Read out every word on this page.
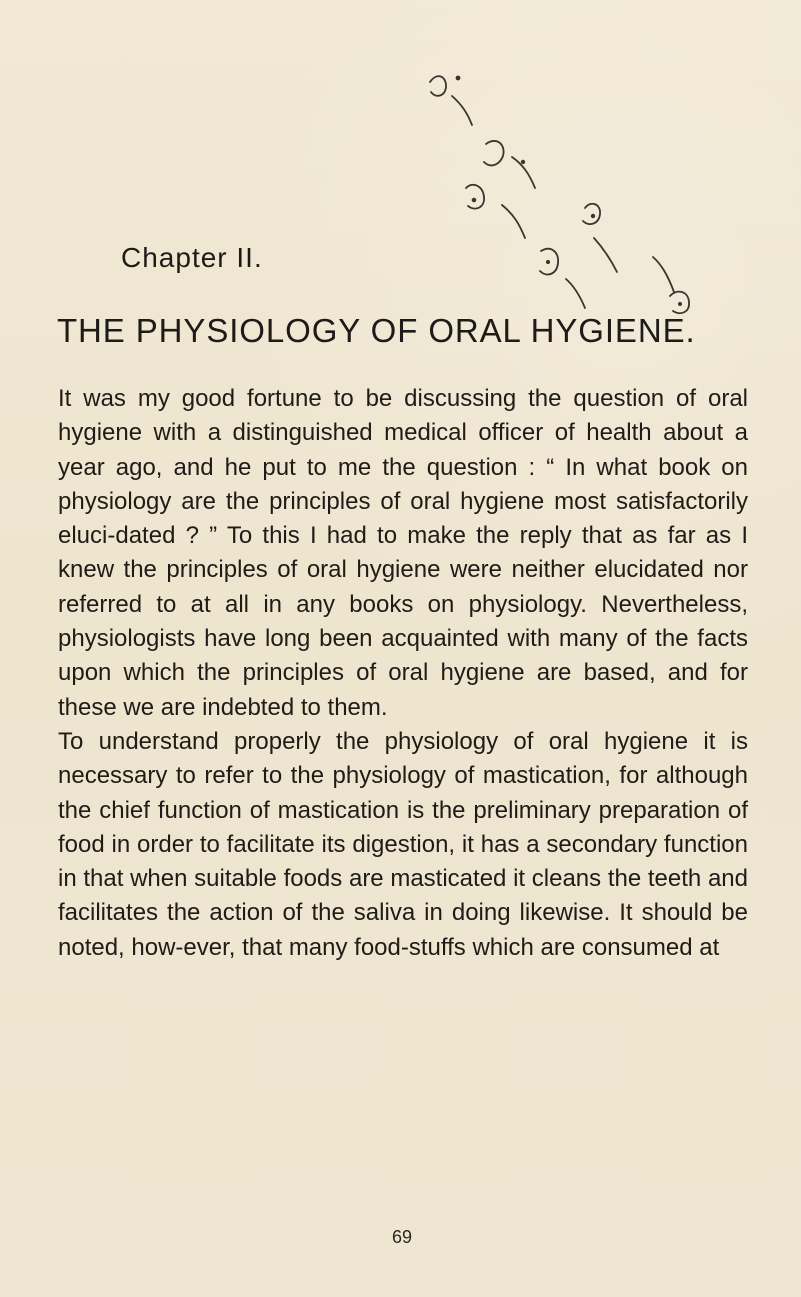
Chapter II.
THE PHYSIOLOGY OF ORAL HYGIENE.

It was my good fortune to be discussing the question of oral hygiene with a distinguished medical officer of health about a year ago, and he put to me the question : “ In what book on physiology are the principles of oral hygiene most satisfactorily eluci-dated ? ” To this I had to make the reply that as far as I knew the principles of oral hygiene were neither elucidated nor referred to at all in any books on physiology. Nevertheless, physiologists have long been acquainted with many of the facts upon which the principles of oral hygiene are based, and for these we are indebted to them.

To understand properly the physiology of oral hygiene it is necessary to refer to the physiology of mastication, for although the chief function of mastication is the preliminary preparation of food in order to facilitate its digestion, it has a secondary function in that when suitable foods are masticated it cleans the teeth and facilitates the action of the saliva in doing likewise. It should be noted, how-ever, that many food-stuffs which are consumed at

69
